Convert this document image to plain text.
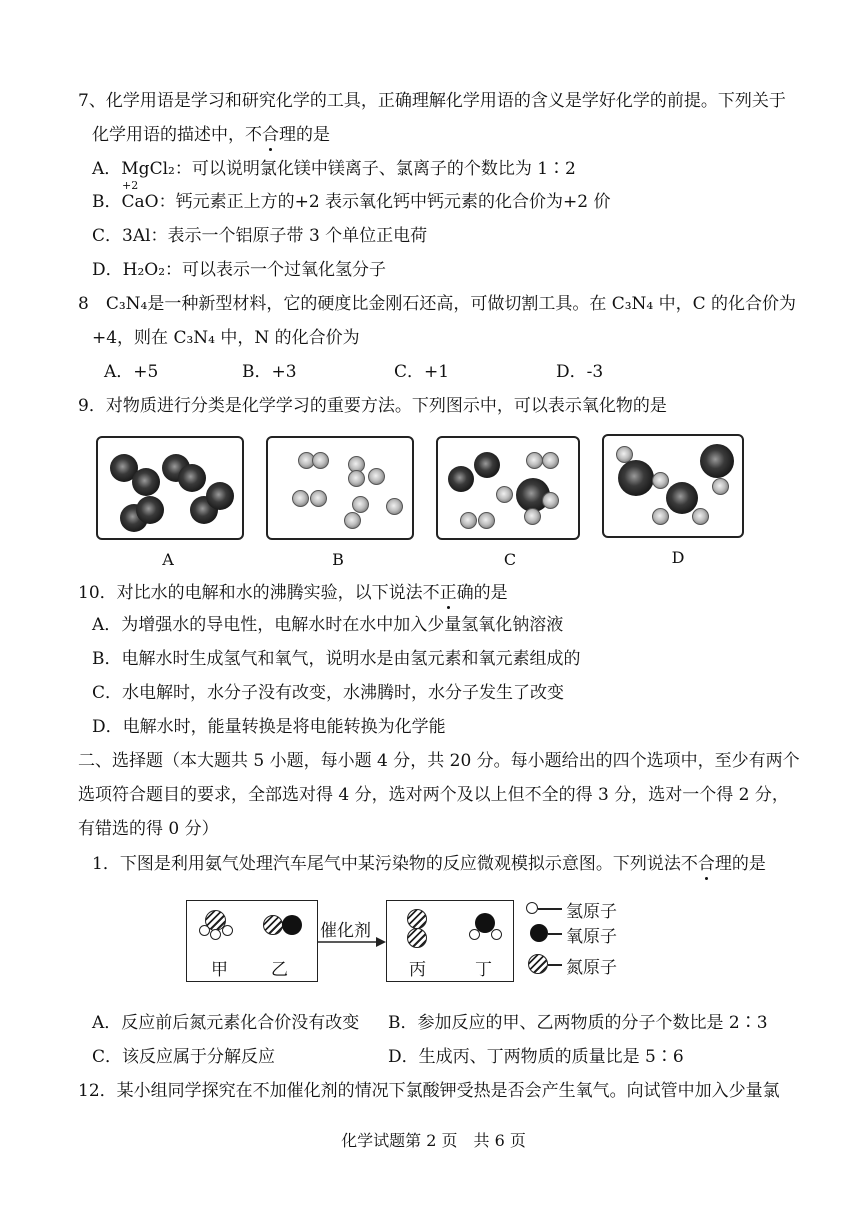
7、化学用语是学习和研究化学的工具，正确理解化学用语的含义是学好化学的前提。下列关于
化学用语的描述中，不合理的是
A．MgCl₂：可以说明氯化镁中镁离子、氯离子的个数比为 1∶2
+2
B．CaO：钙元素正上方的+2 表示氧化钙中钙元素的化合价为+2 价
C．3Al：表示一个铝原子带 3 个单位正电荷
D．H₂O₂：可以表示一个过氧化氢分子
8　C₃N₄是一种新型材料，它的硬度比金刚石还高，可做切割工具。在 C₃N₄ 中，C 的化合价为
+4，则在 C₃N₄ 中，N 的化合价为
A．+5	B．+3	C．+1	D．-3
9．对物质进行分类是化学学习的重要方法。下列图示中，可以表示氧化物的是
A	B	C	D
10．对比水的电解和水的沸腾实验，以下说法不正确的是
A．为增强水的导电性，电解水时在水中加入少量氢氧化钠溶液
B．电解水时生成氢气和氧气，说明水是由氢元素和氧元素组成的
C．水电解时，水分子没有改变，水沸腾时，水分子发生了改变
D．电解水时，能量转换是将电能转换为化学能
二、选择题（本大题共 5 小题，每小题 4 分，共 20 分。每小题给出的四个选项中，至少有两个
选项符合题目的要求，全部选对得 4 分，选对两个及以上但不全的得 3 分，选对一个得 2 分，
有错选的得 0 分）
1．下图是利用氨气处理汽车尾气中某污染物的反应微观模拟示意图。下列说法不合理的是
甲	乙
催化剂
丙	丁
氢原子
氧原子
氮原子
A．反应前后氮元素化合价没有改变 B．参加反应的甲、乙两物质的分子个数比是 2∶3
C．该反应属于分解反应	D．生成丙、丁两物质的质量比是 5∶6
12．某小组同学探究在不加催化剂的情况下氯酸钾受热是否会产生氧气。向试管中加入少量氯
化学试题第 2 页　共 6 页
